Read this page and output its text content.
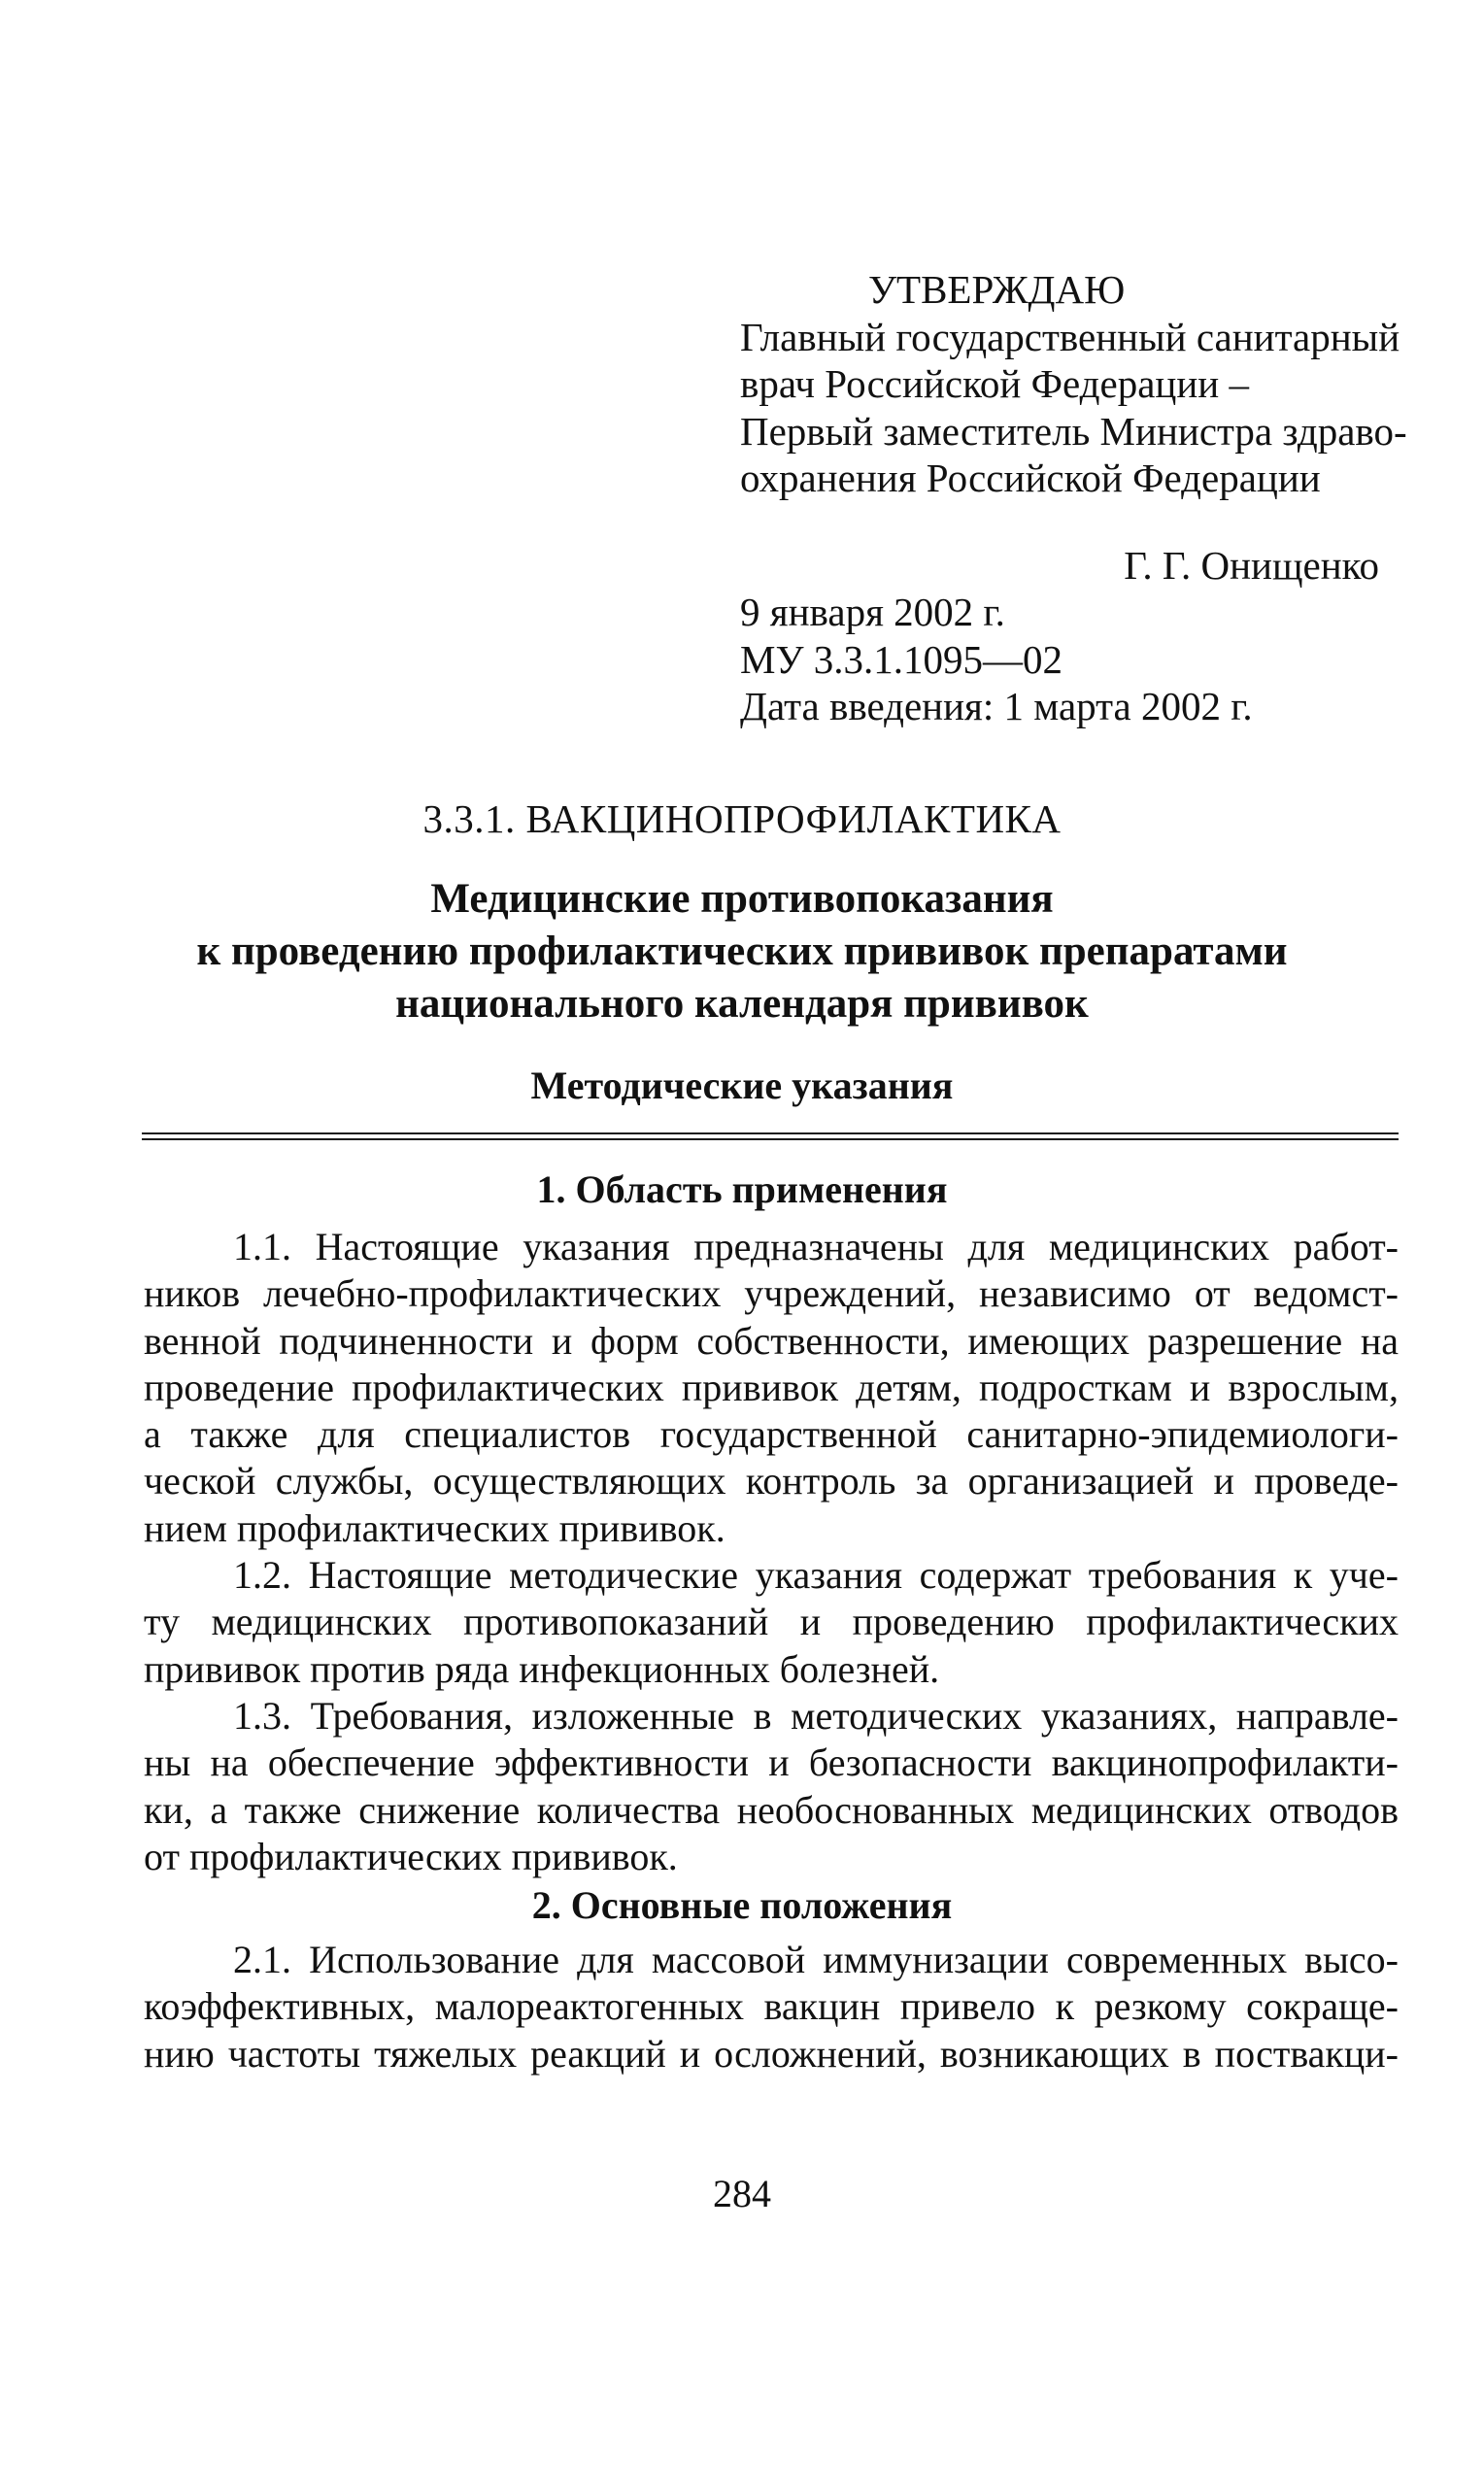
УТВЕРЖДАЮ
Главный государственный санитарный
врач Российской Федерации –
Первый заместитель Министра здраво-
охранения Российской Федерации
Г. Г. Онищенко
9 января 2002 г.
МУ 3.3.1.1095—02
Дата введения: 1 марта 2002 г.
3.3.1. ВАКЦИНОПРОФИЛАКТИКА
Медицинские противопоказания
к проведению профилактических прививок препаратами
национального календаря прививок
Методические указания
1. Область применения
1.1. Настоящие указания предназначены для медицинских работ-
ников лечебно-профилактических учреждений, независимо от ведомст-
венной подчиненности и форм собственности, имеющих разрешение на
проведение профилактических прививок детям, подросткам и взрослым,
а также для специалистов государственной санитарно-эпидемиологи-
ческой службы, осуществляющих контроль за организацией и проведе-
нием профилактических прививок.
1.2. Настоящие методические указания содержат требования к уче-
ту медицинских противопоказаний и проведению профилактических
прививок против ряда инфекционных болезней.
1.3. Требования, изложенные в методических указаниях, направле-
ны на обеспечение эффективности и безопасности вакцинопрофилакти-
ки, а также снижение количества необоснованных медицинских отводов
от профилактических прививок.
2. Основные положения
2.1. Использование для массовой иммунизации современных высо-
коэффективных, малореактогенных вакцин привело к резкому сокраще-
нию частоты тяжелых реакций и осложнений, возникающих в поствакци-
284
